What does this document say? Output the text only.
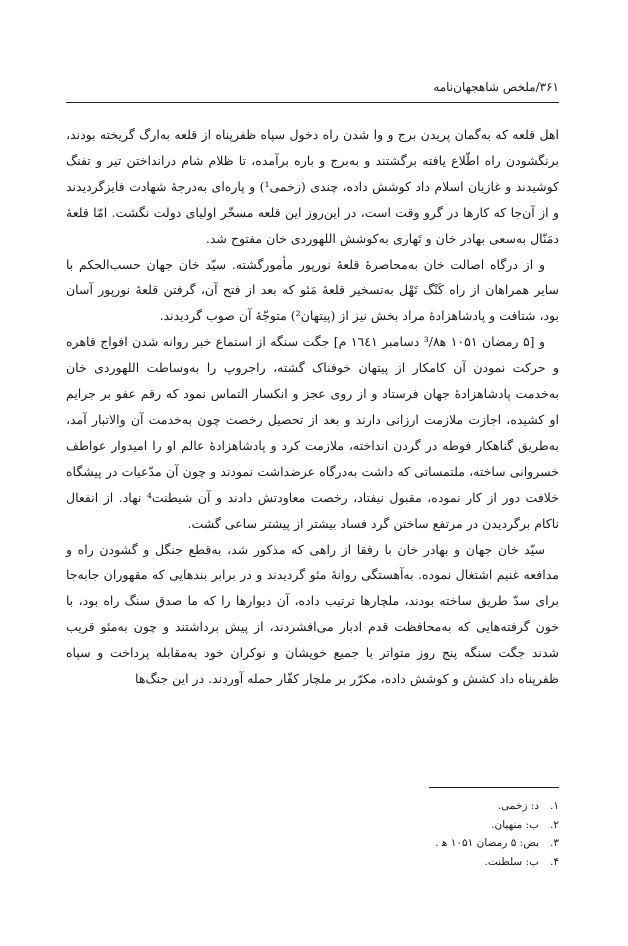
۳۶۱/ملخص شاهجهان‌نامه

اهل قلعه که به‌گمان پریدن برج و وا شدن راه دخول سپاه ظفرپناه از قلعه به‌ارگ گریخته بودند، برنگشودن راه اطّلاع یافته برگشتند و به‌برج و باره برآمده، تا ظلام شام درانداختن تیر و تفنگ کوشیدند و غازیان اسلام داد کوشش داده، چندی (زخمی¹) و پاره‌ای به‌درجهٔ شهادت فایزگردیدند و از آن‌جا که کارها در گرو وقت است، در این‌روز این قلعه مسخّر اولیای دولت نگشت. امّا قلعهٔ دمَنّال به‌سعی بهادر خان و تَهاری به‌کوشش اللهوردی خان مفتوح شد.

و از درگاه اصالت خان به‌محاصرهٔ قلعهٔ نورپور مأمورگشته. سیّد خان جهان حسب‌الحکم با سایر همراهان از راه کَنْگ تَهْل به‌تسخیر قلعهٔ مَئو که بعد از فتح آن، گرفتن قلعهٔ نورپور آسان بود، شتافت و پادشاهزادهٔ مراد بخش نیز از (پیتهان²) متوجّهٔ آن صوب گردیدند.

و [۵ رمضان ۱۰۵۱ ه‍³/۸ دسامبر ۱٦٤۱ م] جگت سنگه از استماع خبر روانه شدن افواج قاهره و حرکت نمودن آن کامکار از پیتهان خوفناک گشته، راجروپ را به‌وساطت اللهوردی خان به‌خدمت پادشاهزادهٔ جهان فرستاد و از روی عجز و انکسار التماس نمود که رقم عفو بر جرایم او کشیده، اجازت ملازمت ارزانی دارند و بعد از تحصیل رخصت چون به‌خدمت آن والاتبار آمد، به‌طریق گناهکار فوطه در گردن انداخته، ملازمت کرد و پادشاهزادهٔ عالم او را امیدوار عواطف خسروانی ساخته، ملتمساتی که داشت به‌درگاه عرضداشت نمودند و چون آن مدّعیات در پیشگاه خلافت دور از کار نموده، مقبول نیفتاد، رخصت معاودتش دادند و آن شیطنت⁴ نهاد. از انفعال ناکام برگردیدن در مرتفع ساختن گرد فساد بیشتر از پیشتر ساعی گشت.

سیّد خان جهان و بهادر خان با رفقا از راهی که مذکور شد، به‌قطع جنگل و گشودن راه و مدافعه غنیم اشتغال نموده. به‌آهستگی روانهٔ مئو گردیدند و در برابر بندهایی که مقهوران جابه‌جا برای سدّ طریق ساخته بودند، ملچارها ترتیب داده، آن دیوارها را که ما صدق سنگ راه بود، با خون گرفته‌هایی که به‌محافظت قدم ادبار می‌افشردند، از پیش برداشتند و چون به‌مئو قریب شدند جگت سنگه پنج روز متواتر با جمیع خویشان و نوکران خود به‌مقابله پرداخت و سپاه ظفرپناه داد کشش و کوشش داده، مکرّر بر ملچار کفّار حمله آوردند. در این جنگ‌ها

۱.
د: زخمی.
۲.
ب: منهیان.
۳.
بض: ۵ رمضان ۱۰۵۱ ه‍ .
۴.
ب: سلطنت.
